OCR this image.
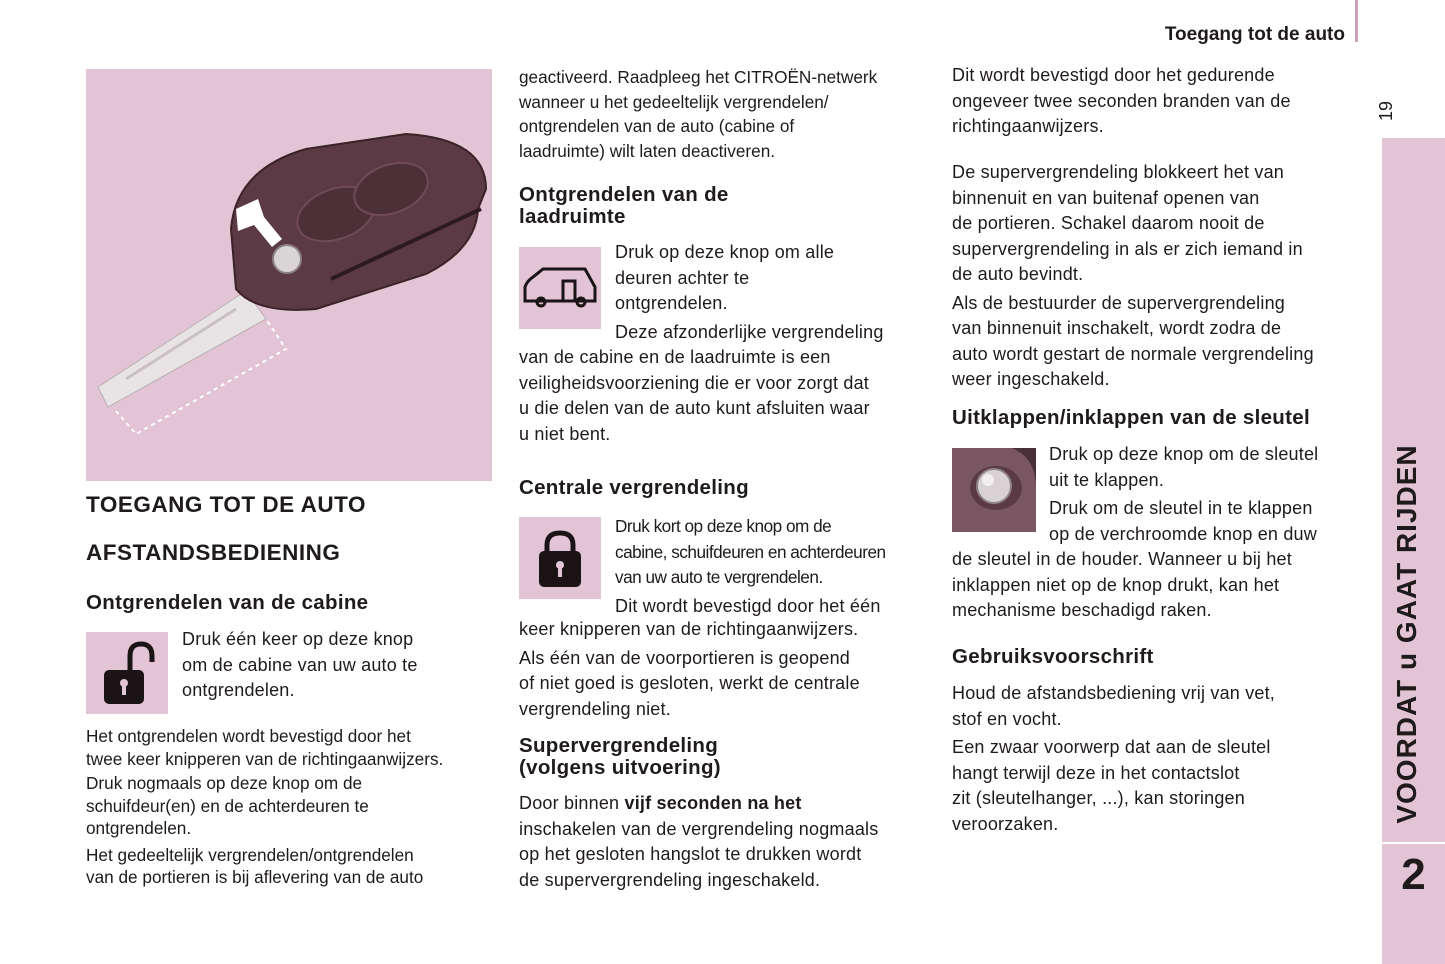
Toegang tot de auto
19
VOORDAT u GAAT RIJDEN
2
TOEGANG TOT DE AUTO
AFSTANDSBEDIENING
Ontgrendelen van de cabine

Druk één keer op deze knop

om de cabine van uw auto te

ontgrendelen.

Het ontgrendelen wordt bevestigd door het

twee keer knipperen van de richtingaanwijzers.

Druk nogmaals op deze knop om de

schuifdeur(en) en de achterdeuren te

ontgrendelen.

Het gedeeltelijk vergrendelen/ontgrendelen

van de portieren is bij aflevering van de auto

geactiveerd. Raadpleeg het CITROËN-netwerk

wanneer u het gedeeltelijk vergrendelen/

ontgrendelen van de auto (cabine of

laadruimte) wilt laten deactiveren.

Ontgrendelen van de

laadruimte

Druk op deze knop om alle

deuren achter te

ontgrendelen.

Deze afzonderlijke vergrendeling

van de cabine en de laadruimte is een

veiligheidsvoorziening die er voor zorgt dat

u die delen van de auto kunt afsluiten waar

u niet bent.

Centrale vergrendeling

Druk kort op deze knop om de

cabine, schuifdeuren en achterdeuren

van uw auto te vergrendelen.

Dit wordt bevestigd door het één

keer knipperen van de richtingaanwijzers.

Als één van de voorportieren is geopend

of niet goed is gesloten, werkt de centrale

vergrendeling niet.

Supervergrendeling

(volgens uitvoering)

Door binnen vijf seconden na het

inschakelen van de vergrendeling nogmaals

op het gesloten hangslot te drukken wordt

de supervergrendeling ingeschakeld.

Dit wordt bevestigd door het gedurende

ongeveer twee seconden branden van de

richtingaanwijzers.

De supervergrendeling blokkeert het van

binnenuit en van buitenaf openen van

de portieren. Schakel daarom nooit de

supervergrendeling in als er zich iemand in

de auto bevindt.

Als de bestuurder de supervergrendeling

van binnenuit inschakelt, wordt zodra de

auto wordt gestart de normale vergrendeling

weer ingeschakeld.

Uitklappen/inklappen van de sleutel

Druk op deze knop om de sleutel

uit te klappen.

Druk om de sleutel in te klappen

op de verchroomde knop en duw

de sleutel in de houder. Wanneer u bij het

inklappen niet op de knop drukt, kan het

mechanisme beschadigd raken.

Gebruiksvoorschrift

Houd de afstandsbediening vrij van vet,

stof en vocht.

Een zwaar voorwerp dat aan de sleutel

hangt terwijl deze in het contactslot

zit (sleutelhanger, ...), kan storingen

veroorzaken.
